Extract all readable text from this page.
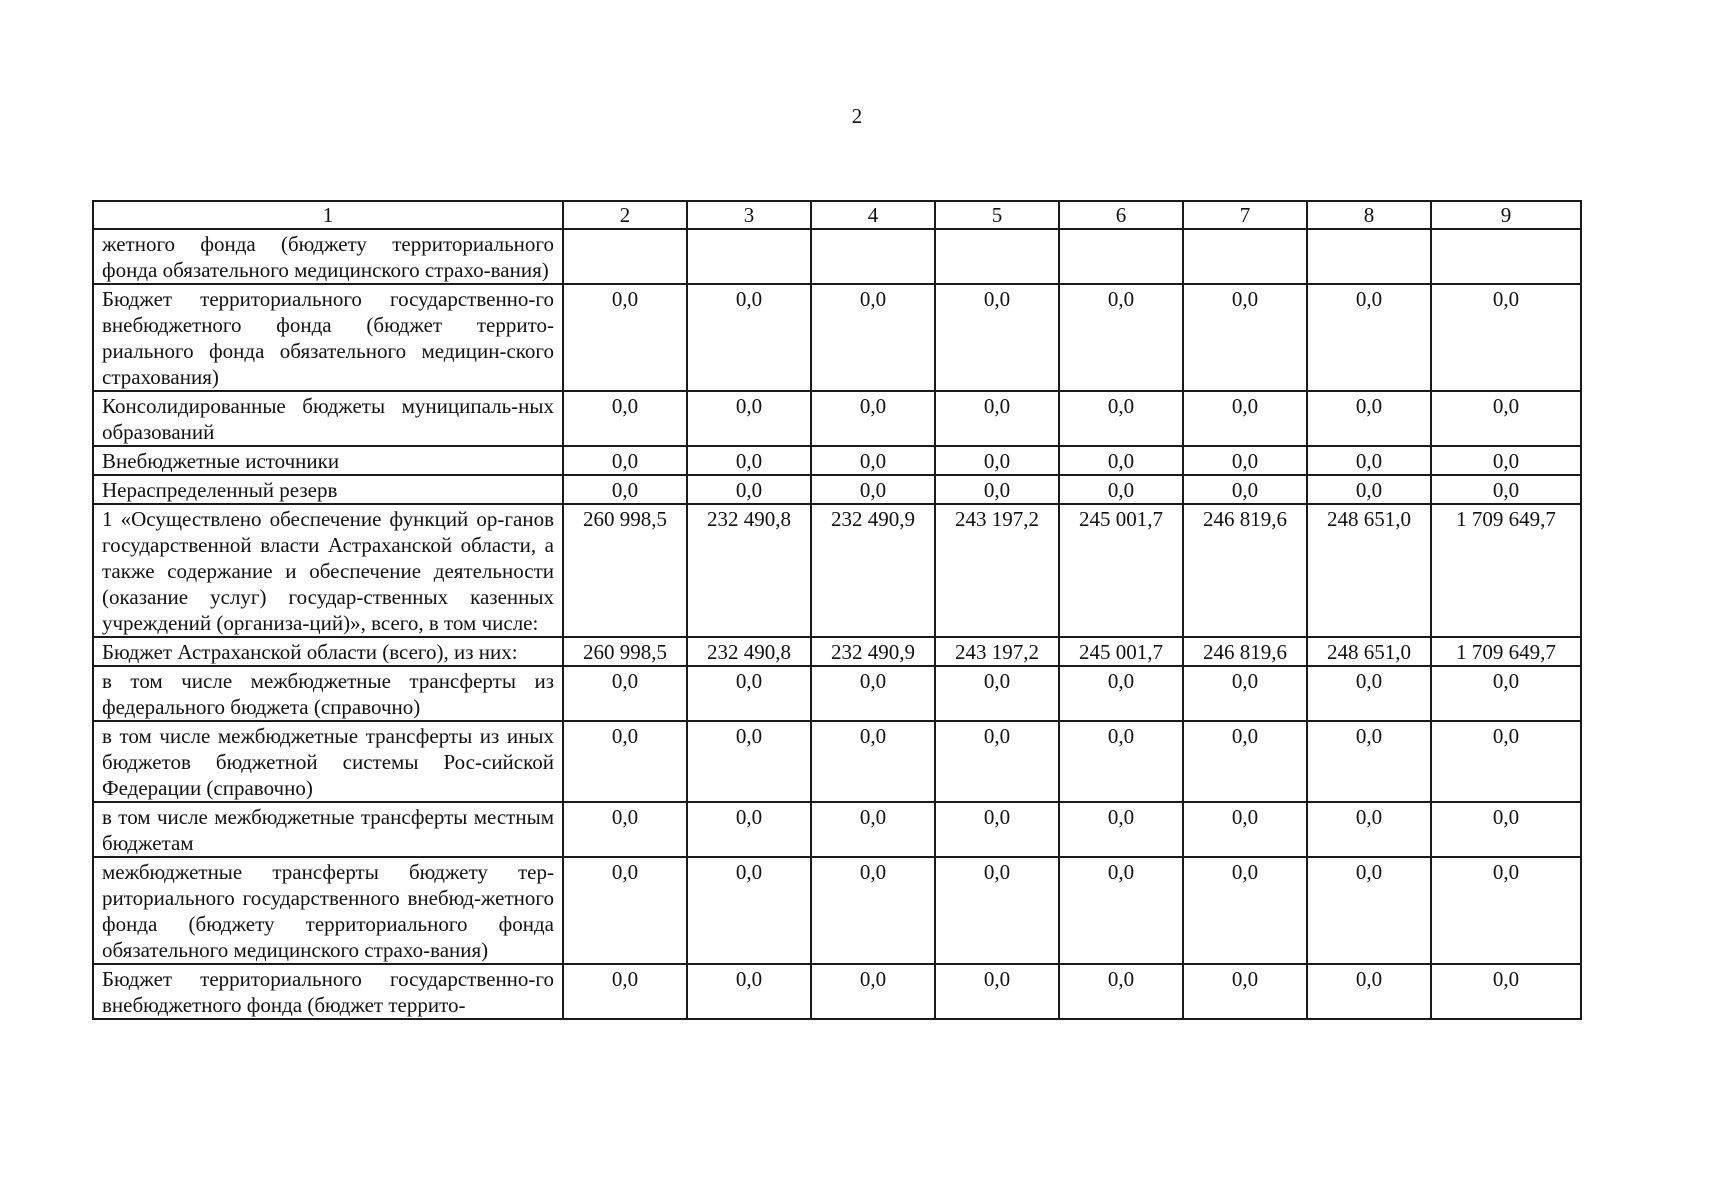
2
1	2	3	4	5	6	7	8	9
жетного фонда (бюджету территориального фонда обязательного медицинского страхо-вания)								
Бюджет территориального государственно-го внебюджетного фонда (бюджет террито-риального фонда обязательного медицин-ского страхования)	0,0	0,0	0,0	0,0	0,0	0,0	0,0	0,0
Консолидированные бюджеты муниципаль-ных образований	0,0	0,0	0,0	0,0	0,0	0,0	0,0	0,0
Внебюджетные источники	0,0	0,0	0,0	0,0	0,0	0,0	0,0	0,0
Нераспределенный резерв	0,0	0,0	0,0	0,0	0,0	0,0	0,0	0,0
1 «Осуществлено обеспечение функций ор-ганов государственной власти Астраханской области, а также содержание и обеспечение деятельности (оказание услуг) государ-ственных казенных учреждений (организа-ций)», всего, в том числе:	260 998,5	232 490,8	232 490,9	243 197,2	245 001,7	246 819,6	248 651,0	1 709 649,7
Бюджет Астраханской области (всего), из них:	260 998,5	232 490,8	232 490,9	243 197,2	245 001,7	246 819,6	248 651,0	1 709 649,7
в том числе межбюджетные трансферты из федерального бюджета (справочно)	0,0	0,0	0,0	0,0	0,0	0,0	0,0	0,0
в том числе межбюджетные трансферты из иных бюджетов бюджетной системы Рос-сийской Федерации (справочно)	0,0	0,0	0,0	0,0	0,0	0,0	0,0	0,0
в том числе межбюджетные трансферты местным бюджетам	0,0	0,0	0,0	0,0	0,0	0,0	0,0	0,0
межбюджетные трансферты бюджету тер-риториального государственного внебюд-жетного фонда (бюджету территориального фонда обязательного медицинского страхо-вания)	0,0	0,0	0,0	0,0	0,0	0,0	0,0	0,0
Бюджет территориального государственно-го внебюджетного фонда (бюджет террито-	0,0	0,0	0,0	0,0	0,0	0,0	0,0	0,0
